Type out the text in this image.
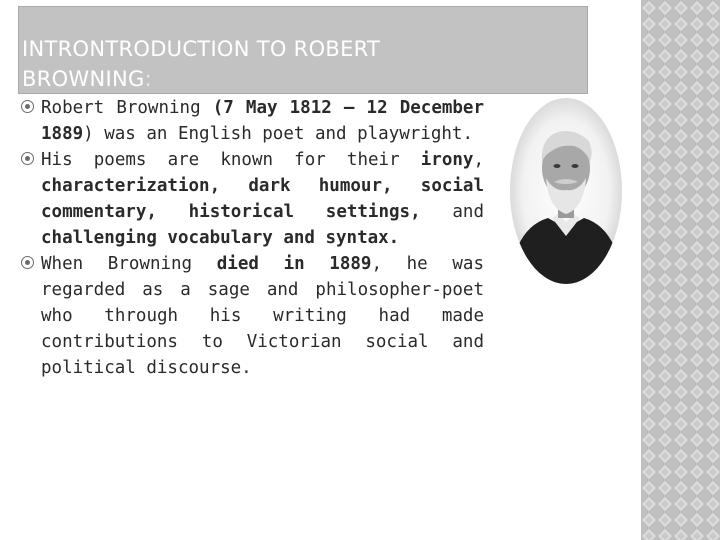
INTRONTRODUCTION TO ROBERT
BROWNING:

Robert Browning (7 May 1812 – 12 December 1889) was an English poet and playwright.

His poems are known for their irony, characterization, dark humour, social commentary, historical settings, and challenging vocabulary and syntax.

When Browning died in 1889, he was regarded as a sage and philosopher-poet who through his writing had made contributions to Victorian social and political discourse.
